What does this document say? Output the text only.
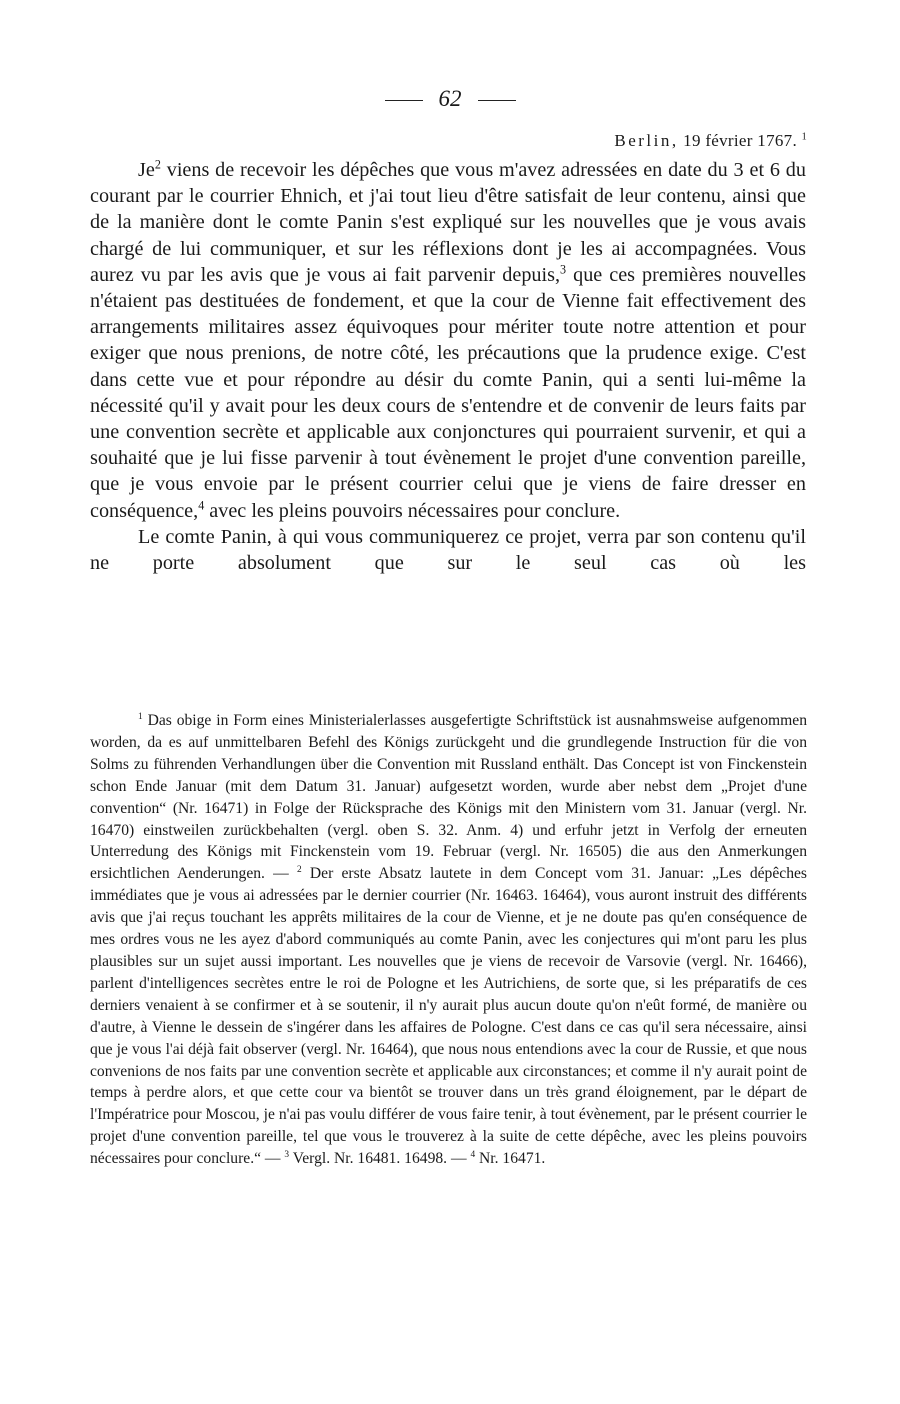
62
Berlin, 19 février 1767. $^1$

Je$^2$ viens de recevoir les dépêches que vous m'avez adressées en date du 3 et 6 du courant par le courrier Ehnich, et j'ai tout lieu d'être satisfait de leur contenu, ainsi que de la manière dont le comte Panin s'est expliqué sur les nouvelles que je vous avais chargé de lui communiquer, et sur les réflexions dont je les ai accompagnées. Vous aurez vu par les avis que je vous ai fait parvenir depuis,$^3$ que ces premières nouvelles n'étaient pas destituées de fondement, et que la cour de Vienne fait effectivement des arrangements militaires assez équivoques pour mériter toute notre attention et pour exiger que nous prenions, de notre côté, les précautions que la prudence exige. C'est dans cette vue et pour répondre au désir du comte Panin, qui a senti lui-même la nécessité qu'il y avait pour les deux cours de s'entendre et de convenir de leurs faits par une convention secrète et applicable aux conjonctures qui pourraient survenir, et qui a souhaité que je lui fisse parvenir à tout évènement le projet d'une convention pareille, que je vous envoie par le présent courrier celui que je viens de faire dresser en conséquence,$^4$ avec les pleins pouvoirs nécessaires pour conclure.

Le comte Panin, à qui vous communiquerez ce projet, verra par son contenu qu'il ne porte absolument que sur le seul cas où les

$^1$ Das obige in Form eines Ministerialerlasses ausgefertigte Schriftstück ist ausnahmsweise aufgenommen worden, da es auf unmittelbaren Befehl des Königs zurückgeht und die grundlegende Instruction für die von Solms zu führenden Verhandlungen über die Convention mit Russland enthält. Das Concept ist von Finckenstein schon Ende Januar (mit dem Datum 31. Januar) aufgesetzt worden, wurde aber nebst dem „Projet d'une convention“ (Nr. 16471) in Folge der Rücksprache des Königs mit den Ministern vom 31. Januar (vergl. Nr. 16470) einstweilen zurückbehalten (vergl. oben S. 32. Anm. 4) und erfuhr jetzt in Verfolg der erneuten Unterredung des Königs mit Finckenstein vom 19. Februar (vergl. Nr. 16505) die aus den Anmerkungen ersichtlichen Aenderungen. — $^2$ Der erste Absatz lautete in dem Concept vom 31. Januar: „Les dépêches immédiates que je vous ai adressées par le dernier courrier (Nr. 16463. 16464), vous auront instruit des différents avis que j'ai reçus touchant les apprêts militaires de la cour de Vienne, et je ne doute pas qu'en conséquence de mes ordres vous ne les ayez d'abord communiqués au comte Panin, avec les conjectures qui m'ont paru les plus plausibles sur un sujet aussi important. Les nouvelles que je viens de recevoir de Varsovie (vergl. Nr. 16466), parlent d'intelligences secrètes entre le roi de Pologne et les Autrichiens, de sorte que, si les préparatifs de ces derniers venaient à se confirmer et à se soutenir, il n'y aurait plus aucun doute qu'on n'eût formé, de manière ou d'autre, à Vienne le dessein de s'ingérer dans les affaires de Pologne. C'est dans ce cas qu'il sera nécessaire, ainsi que je vous l'ai déjà fait observer (vergl. Nr. 16464), que nous nous entendions avec la cour de Russie, et que nous convenions de nos faits par une convention secrète et applicable aux circonstances; et comme il n'y aurait point de temps à perdre alors, et que cette cour va bientôt se trouver dans un très grand éloignement, par le départ de l'Impératrice pour Moscou, je n'ai pas voulu différer de vous faire tenir, à tout évènement, par le présent courrier le projet d'une convention pareille, tel que vous le trouverez à la suite de cette dépêche, avec les pleins pouvoirs nécessaires pour conclure.“ — $^3$ Vergl. Nr. 16481. 16498. — $^4$ Nr. 16471.
